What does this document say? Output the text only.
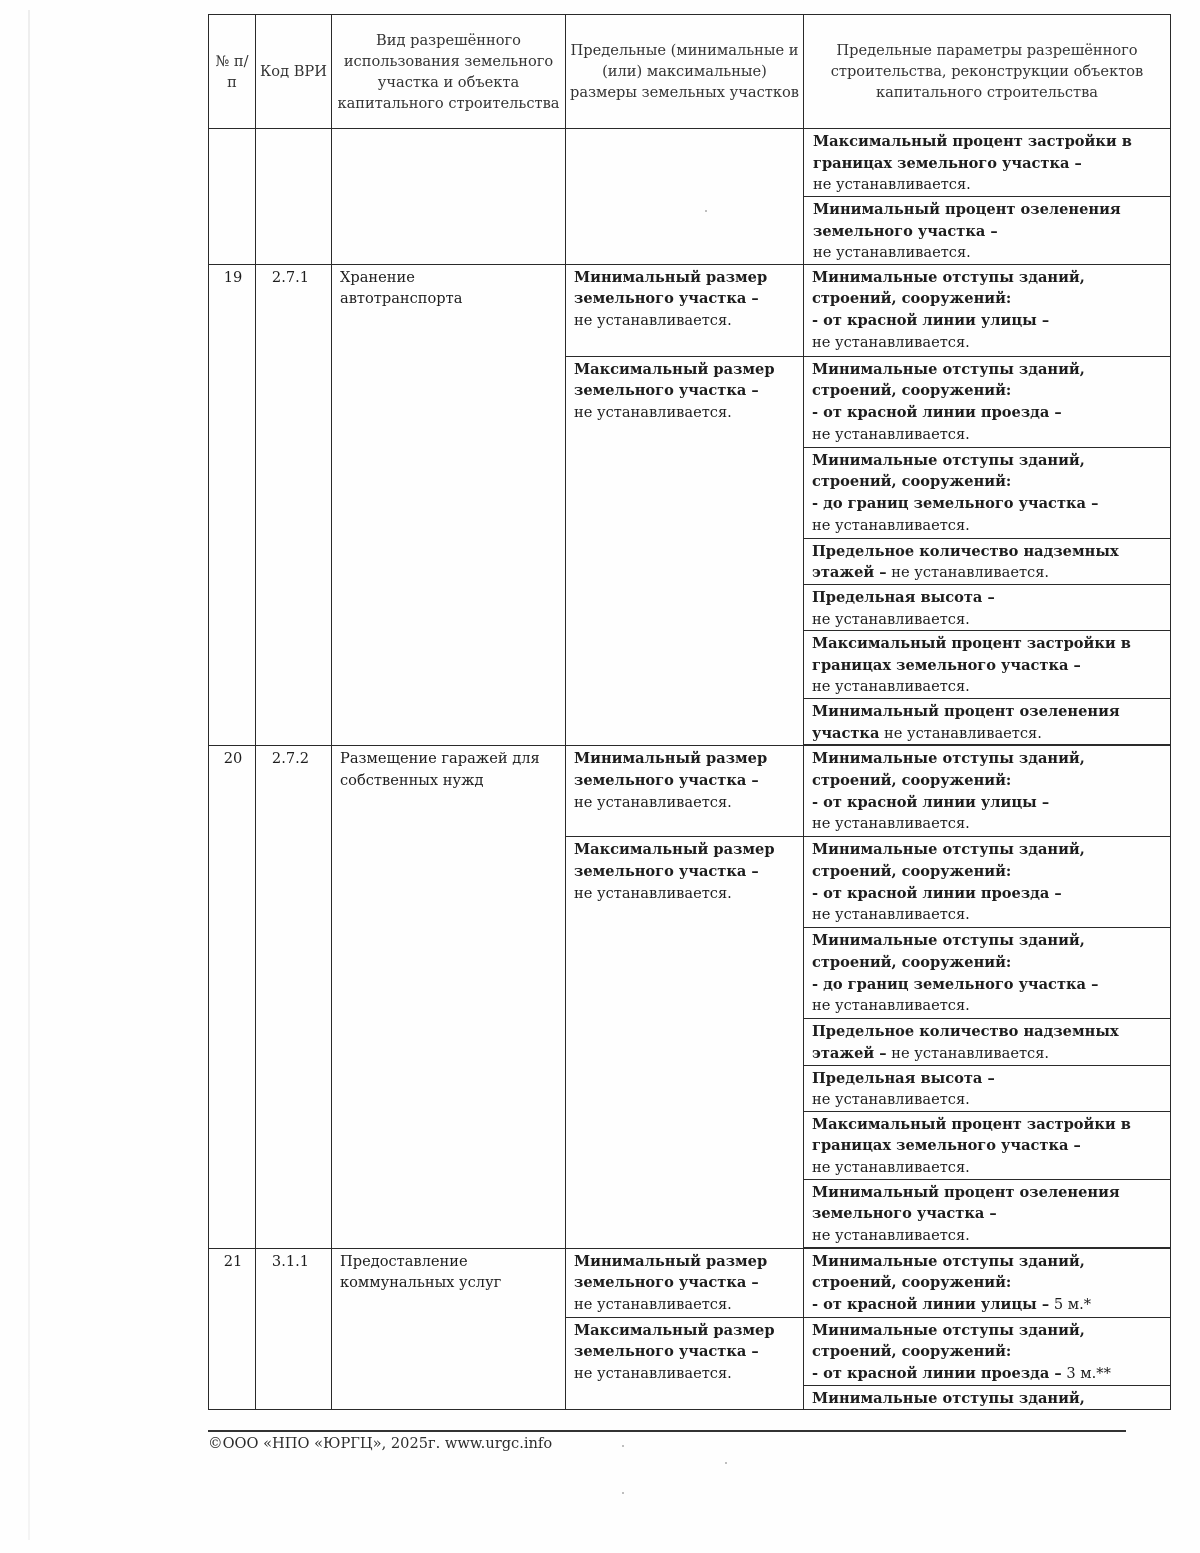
№ п/п	Код ВРИ	Вид разрешённого использования земельного участка и объекта капитального строительства	Предельные (минимальные и (или) максимальные) размеры земельных участков	Предельные параметры разрешённого строительства, реконструкции объектов капитального строительства	
				Максимальный процент застройки в границах земельного участка –
не устанавливается.	
				Минимальный процент озеленения земельного участка –
не устанавливается.	
19	2.7.1	Хранение автотранспорта	Минимальный размер земельного участка –
не устанавливается.	Минимальные отступы зданий, строений, сооружений:
- от красной линии улицы –
не устанавливается.	
			Максимальный размер земельного участка –
не устанавливается.	Минимальные отступы зданий, строений, сооружений:
- от красной линии проезда –
не устанавливается.	
				Минимальные отступы зданий, строений, сооружений:
- до границ земельного участка –
не устанавливается.	
				Предельное количество надземных этажей – не устанавливается.	
				Предельная высота –
не устанавливается.	
				Максимальный процент застройки в границах земельного участка –
не устанавливается.	
				Минимальный процент озеленения
участка не устанавливается.	

20	2.7.2	Размещение гаражей для собственных нужд	Минимальный размер земельного участка –
не устанавливается.	Минимальные отступы зданий, строений, сооружений:
- от красной линии улицы –
не устанавливается.	
			Максимальный размер земельного участка –
не устанавливается.	Минимальные отступы зданий, строений, сооружений:
- от красной линии проезда –
не устанавливается.	
				Минимальные отступы зданий, строений, сооружений:
- до границ земельного участка –
не устанавливается.	
				Предельное количество надземных этажей – не устанавливается.	
				Предельная высота –
не устанавливается.	
				Максимальный процент застройки в границах земельного участка –
не устанавливается.	
				Минимальный процент озеленения земельного участка –
не устанавливается.	

21	3.1.1	Предоставление коммунальных услуг	Минимальный размер земельного участка –
не устанавливается.	Минимальные отступы зданий, строений, сооружений:
- от красной линии улицы – 5 м.*	
			Максимальный размер земельного участка –
не устанавливается.	Минимальные отступы зданий, строений, сооружений:
- от красной линии проезда – 3 м.**	
				Минимальные отступы зданий,	
©ООО «НПО «ЮРГЦ», 2025г. www.urgc.info
